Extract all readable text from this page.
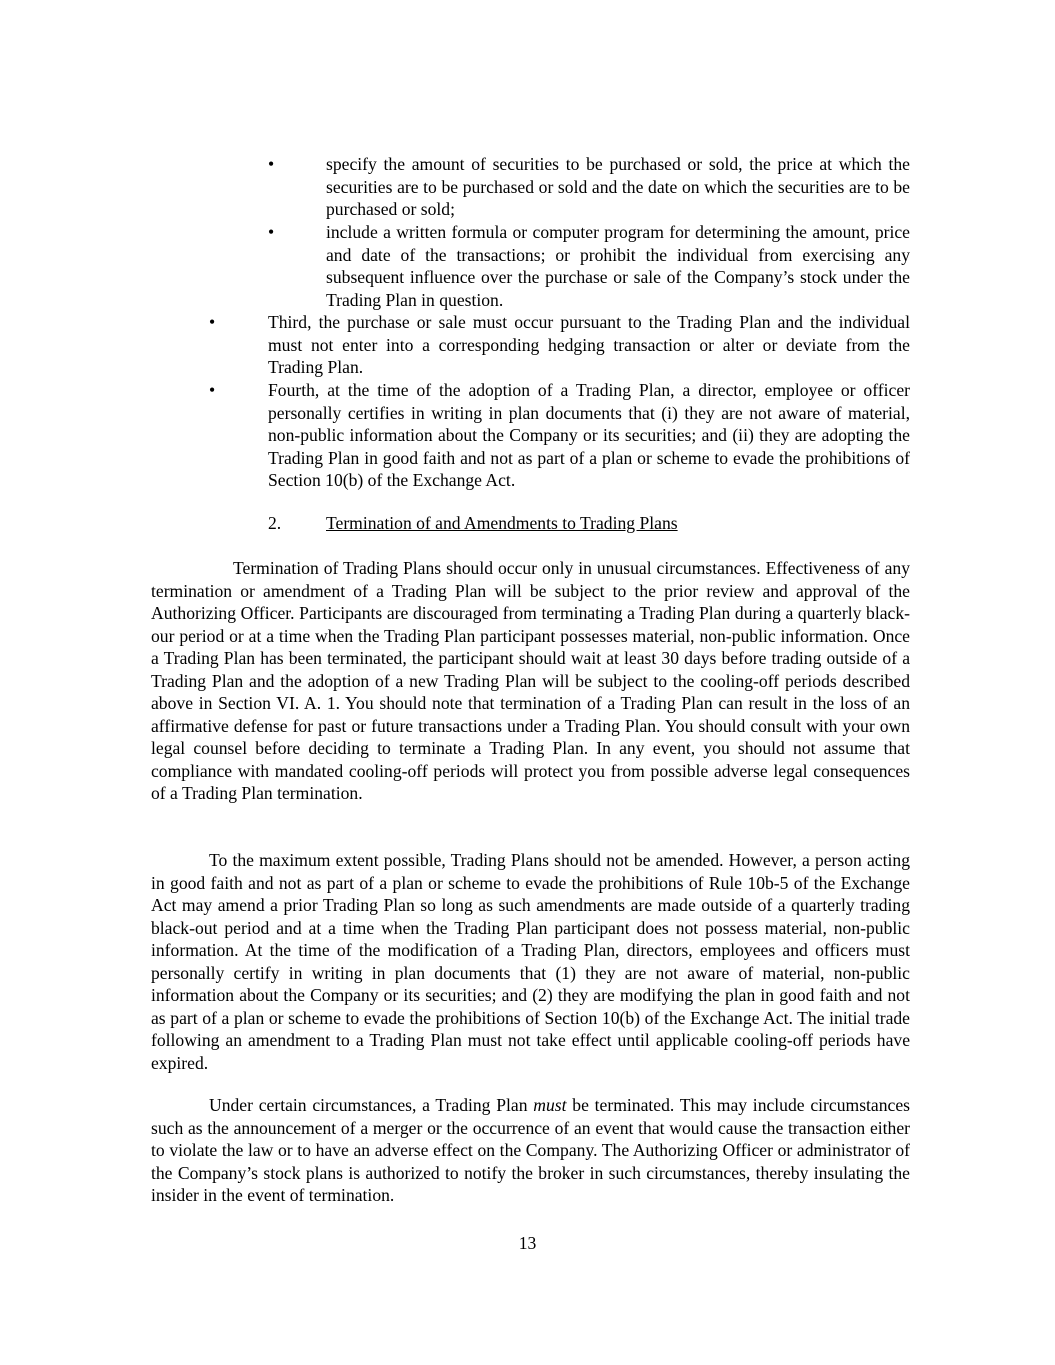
•	specify the amount of securities to be purchased or sold, the price at which the securities are to be purchased or sold and the date on which the securities are to be purchased or sold;
•	include a written formula or computer program for determining the amount, price and date of the transactions; or prohibit the individual from exercising any subsequent influence over the purchase or sale of the Company’s stock under the Trading Plan in question.
•	Third, the purchase or sale must occur pursuant to the Trading Plan and the individual must not enter into a corresponding hedging transaction or alter or deviate from the Trading Plan.
•	Fourth, at the time of the adoption of a Trading Plan, a director, employee or officer personally certifies in writing in plan documents that (i) they are not aware of material, non-public information about the Company or its securities; and (ii) they are adopting the Trading Plan in good faith and not as part of a plan or scheme to evade the prohibitions of Section 10(b) of the Exchange Act.
2.	Termination of and Amendments to Trading Plans

Termination of Trading Plans should occur only in unusual circumstances. Effectiveness of any termination or amendment of a Trading Plan will be subject to the prior review and approval of the Authorizing Officer. Participants are discouraged from terminating a Trading Plan during a quarterly black-our period or at a time when the Trading Plan participant possesses material, non-public information. Once a Trading Plan has been terminated, the participant should wait at least 30 days before trading outside of a Trading Plan and the adoption of a new Trading Plan will be subject to the cooling-off periods described above in Section VI. A. 1. You should note that termination of a Trading Plan can result in the loss of an affirmative defense for past or future transactions under a Trading Plan. You should consult with your own legal counsel before deciding to terminate a Trading Plan. In any event, you should not assume that compliance with mandated cooling-off periods will protect you from possible adverse legal consequences of a Trading Plan termination.

To the maximum extent possible, Trading Plans should not be amended. However, a person acting in good faith and not as part of a plan or scheme to evade the prohibitions of Rule 10b-5 of the Exchange Act may amend a prior Trading Plan so long as such amendments are made outside of a quarterly trading black-out period and at a time when the Trading Plan participant does not possess material, non-public information. At the time of the modification of a Trading Plan, directors, employees and officers must personally certify in writing in plan documents that (1) they are not aware of material, non-public information about the Company or its securities; and (2) they are modifying the plan in good faith and not as part of a plan or scheme to evade the prohibitions of Section 10(b) of the Exchange Act. The initial trade following an amendment to a Trading Plan must not take effect until applicable cooling-off periods have expired.

Under certain circumstances, a Trading Plan must be terminated. This may include circumstances such as the announcement of a merger or the occurrence of an event that would cause the transaction either to violate the law or to have an adverse effect on the Company. The Authorizing Officer or administrator of the Company’s stock plans is authorized to notify the broker in such circumstances, thereby insulating the insider in the event of termination.

13
